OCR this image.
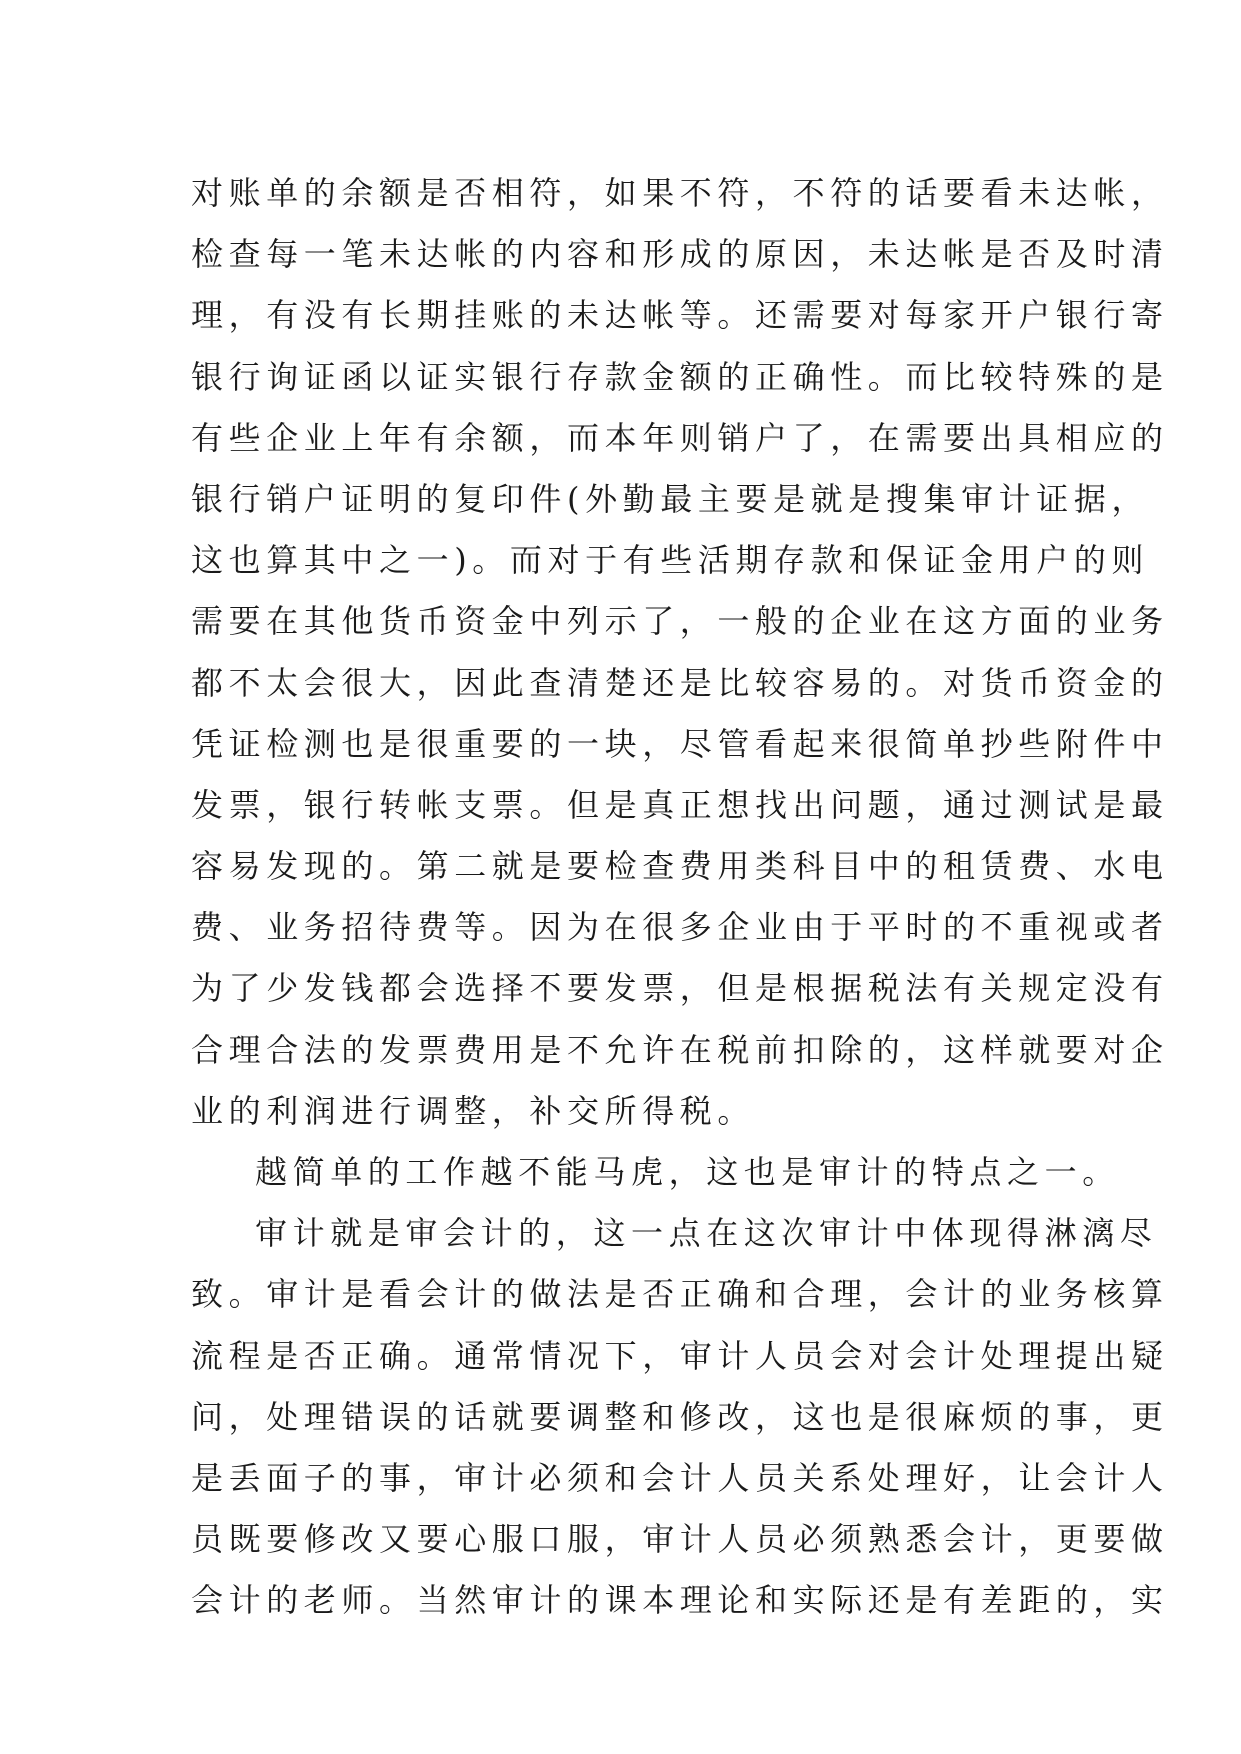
对账单的余额是否相符，如果不符，不符的话要看未达帐，
检查每一笔未达帐的内容和形成的原因，未达帐是否及时清
理，有没有长期挂账的未达帐等。还需要对每家开户银行寄
银行询证函以证实银行存款金额的正确性。而比较特殊的是
有些企业上年有余额，而本年则销户了，在需要出具相应的
银行销户证明的复印件(外勤最主要是就是搜集审计证据，
这也算其中之一)。而对于有些活期存款和保证金用户的则
需要在其他货币资金中列示了，一般的企业在这方面的业务
都不太会很大，因此查清楚还是比较容易的。对货币资金的
凭证检测也是很重要的一块，尽管看起来很简单抄些附件中
发票，银行转帐支票。但是真正想找出问题，通过测试是最
容易发现的。第二就是要检查费用类科目中的租赁费、水电
费、业务招待费等。因为在很多企业由于平时的不重视或者
为了少发钱都会选择不要发票，但是根据税法有关规定没有
合理合法的发票费用是不允许在税前扣除的，这样就要对企
业的利润进行调整，补交所得税。
越简单的工作越不能马虎，这也是审计的特点之一。
审计就是审会计的，这一点在这次审计中体现得淋漓尽
致。审计是看会计的做法是否正确和合理，会计的业务核算
流程是否正确。通常情况下，审计人员会对会计处理提出疑
问，处理错误的话就要调整和修改，这也是很麻烦的事，更
是丢面子的事，审计必须和会计人员关系处理好，让会计人
员既要修改又要心服口服，审计人员必须熟悉会计，更要做
会计的老师。当然审计的课本理论和实际还是有差距的，实
